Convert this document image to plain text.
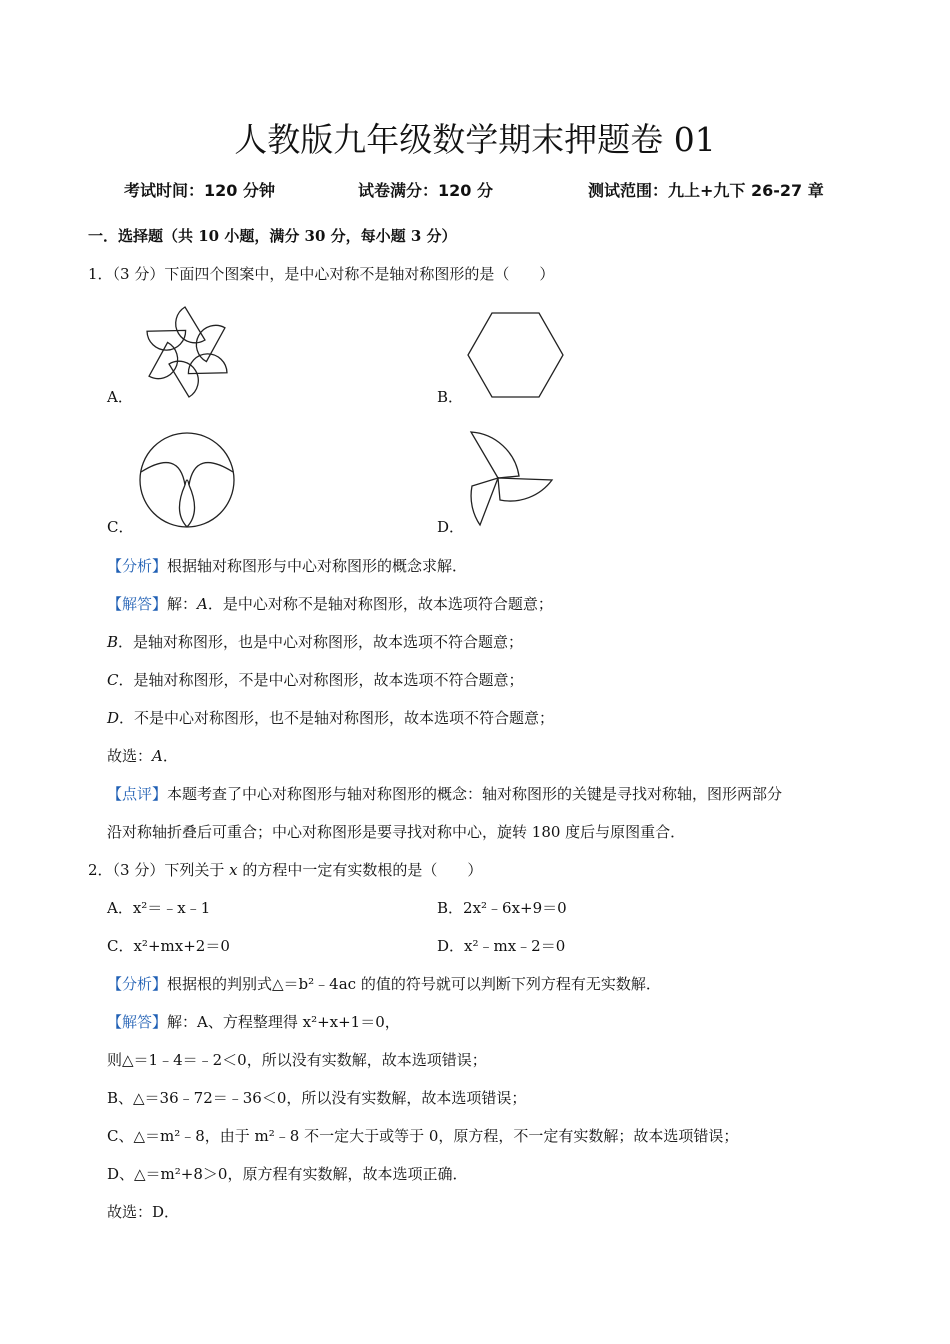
人教版九年级数学期末押题卷 01
考试时间：120 分钟	试卷满分：120 分	测试范围：九上+九下 26-27 章
一．选择题（共 10 小题，满分 30 分，每小题 3 分）
1．（3 分）下面四个图案中，是中心对称不是轴对称图形的是（　　）
A．	B．
C．	D．
【分析】根据轴对称图形与中心对称图形的概念求解．
【解答】解：A．是中心对称不是轴对称图形，故本选项符合题意；
B．是轴对称图形，也是中心对称图形，故本选项不符合题意；
C．是轴对称图形，不是中心对称图形，故本选项不符合题意；
D．不是中心对称图形，也不是轴对称图形，故本选项不符合题意；
故选：A．
【点评】本题考查了中心对称图形与轴对称图形的概念：轴对称图形的关键是寻找对称轴，图形两部分
沿对称轴折叠后可重合；中心对称图形是要寻找对称中心，旋转 180 度后与原图重合．
2．（3 分）下列关于 x 的方程中一定有实数根的是（　　）
A．x²＝﹣x﹣1	B．2x²﹣6x+9＝0
C．x²+mx+2＝0	D．x²﹣mx﹣2＝0
【分析】根据根的判别式△＝b²﹣4ac 的值的符号就可以判断下列方程有无实数解．
【解答】解：A、方程整理得 x²+x+1＝0，
则△＝1﹣4＝﹣2＜0，所以没有实数解，故本选项错误；
B、△＝36﹣72＝﹣36＜0，所以没有实数解，故本选项错误；
C、△＝m²﹣8，由于 m²﹣8 不一定大于或等于 0，原方程，不一定有实数解；故本选项错误；
D、△＝m²+8＞0，原方程有实数解，故本选项正确．
故选：D．
